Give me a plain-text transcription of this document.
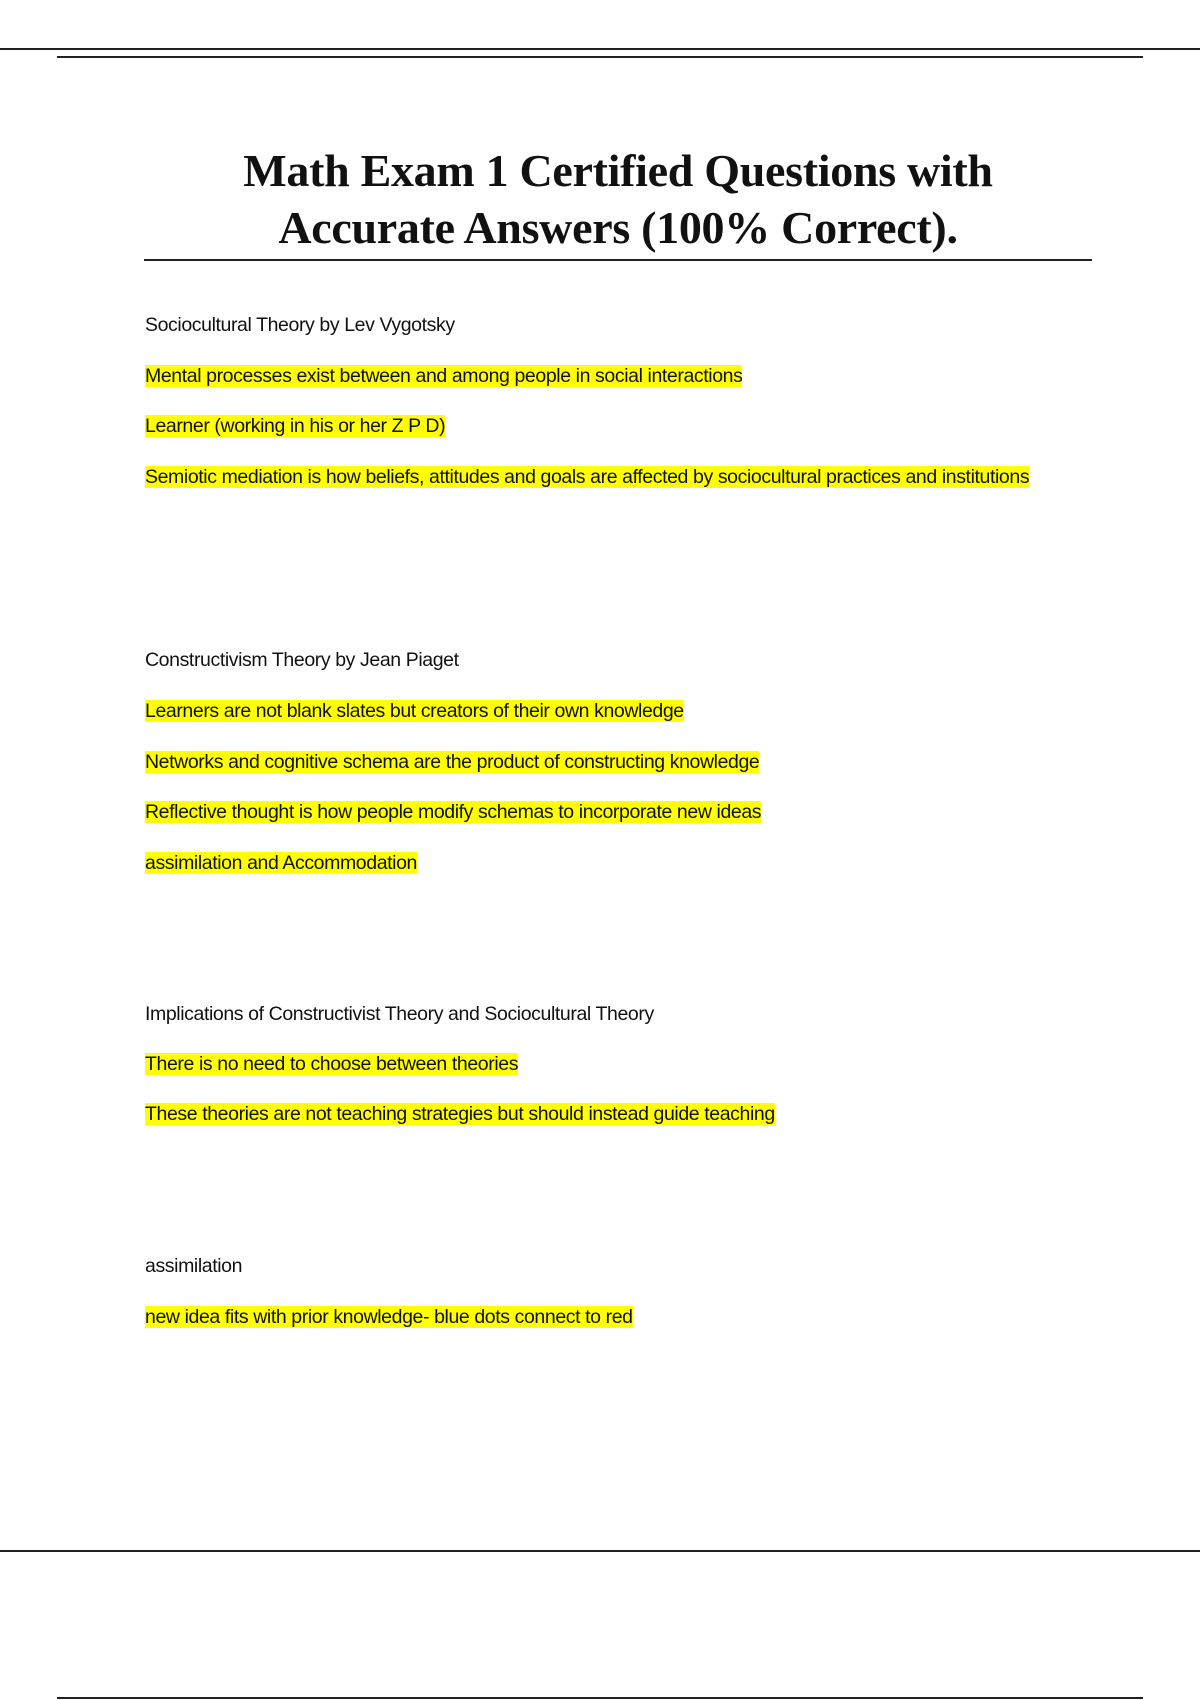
Math Exam 1 Certified Questions with
Accurate Answers (100% Correct).
Sociocultural Theory by Lev Vygotsky
Mental processes exist between and among people in social interactions
Learner (working in his or her Z P D)
Semiotic mediation is how beliefs, attitudes and goals are affected by sociocultural practices and institutions
Constructivism Theory by Jean Piaget
Learners are not blank slates but creators of their own knowledge
Networks and cognitive schema are the product of constructing knowledge
Reflective thought is how people modify schemas to incorporate new ideas
assimilation and Accommodation
Implications of Constructivist Theory and Sociocultural Theory
There is no need to choose between theories
These theories are not teaching strategies but should instead guide teaching
assimilation
new idea fits with prior knowledge- blue dots connect to red
